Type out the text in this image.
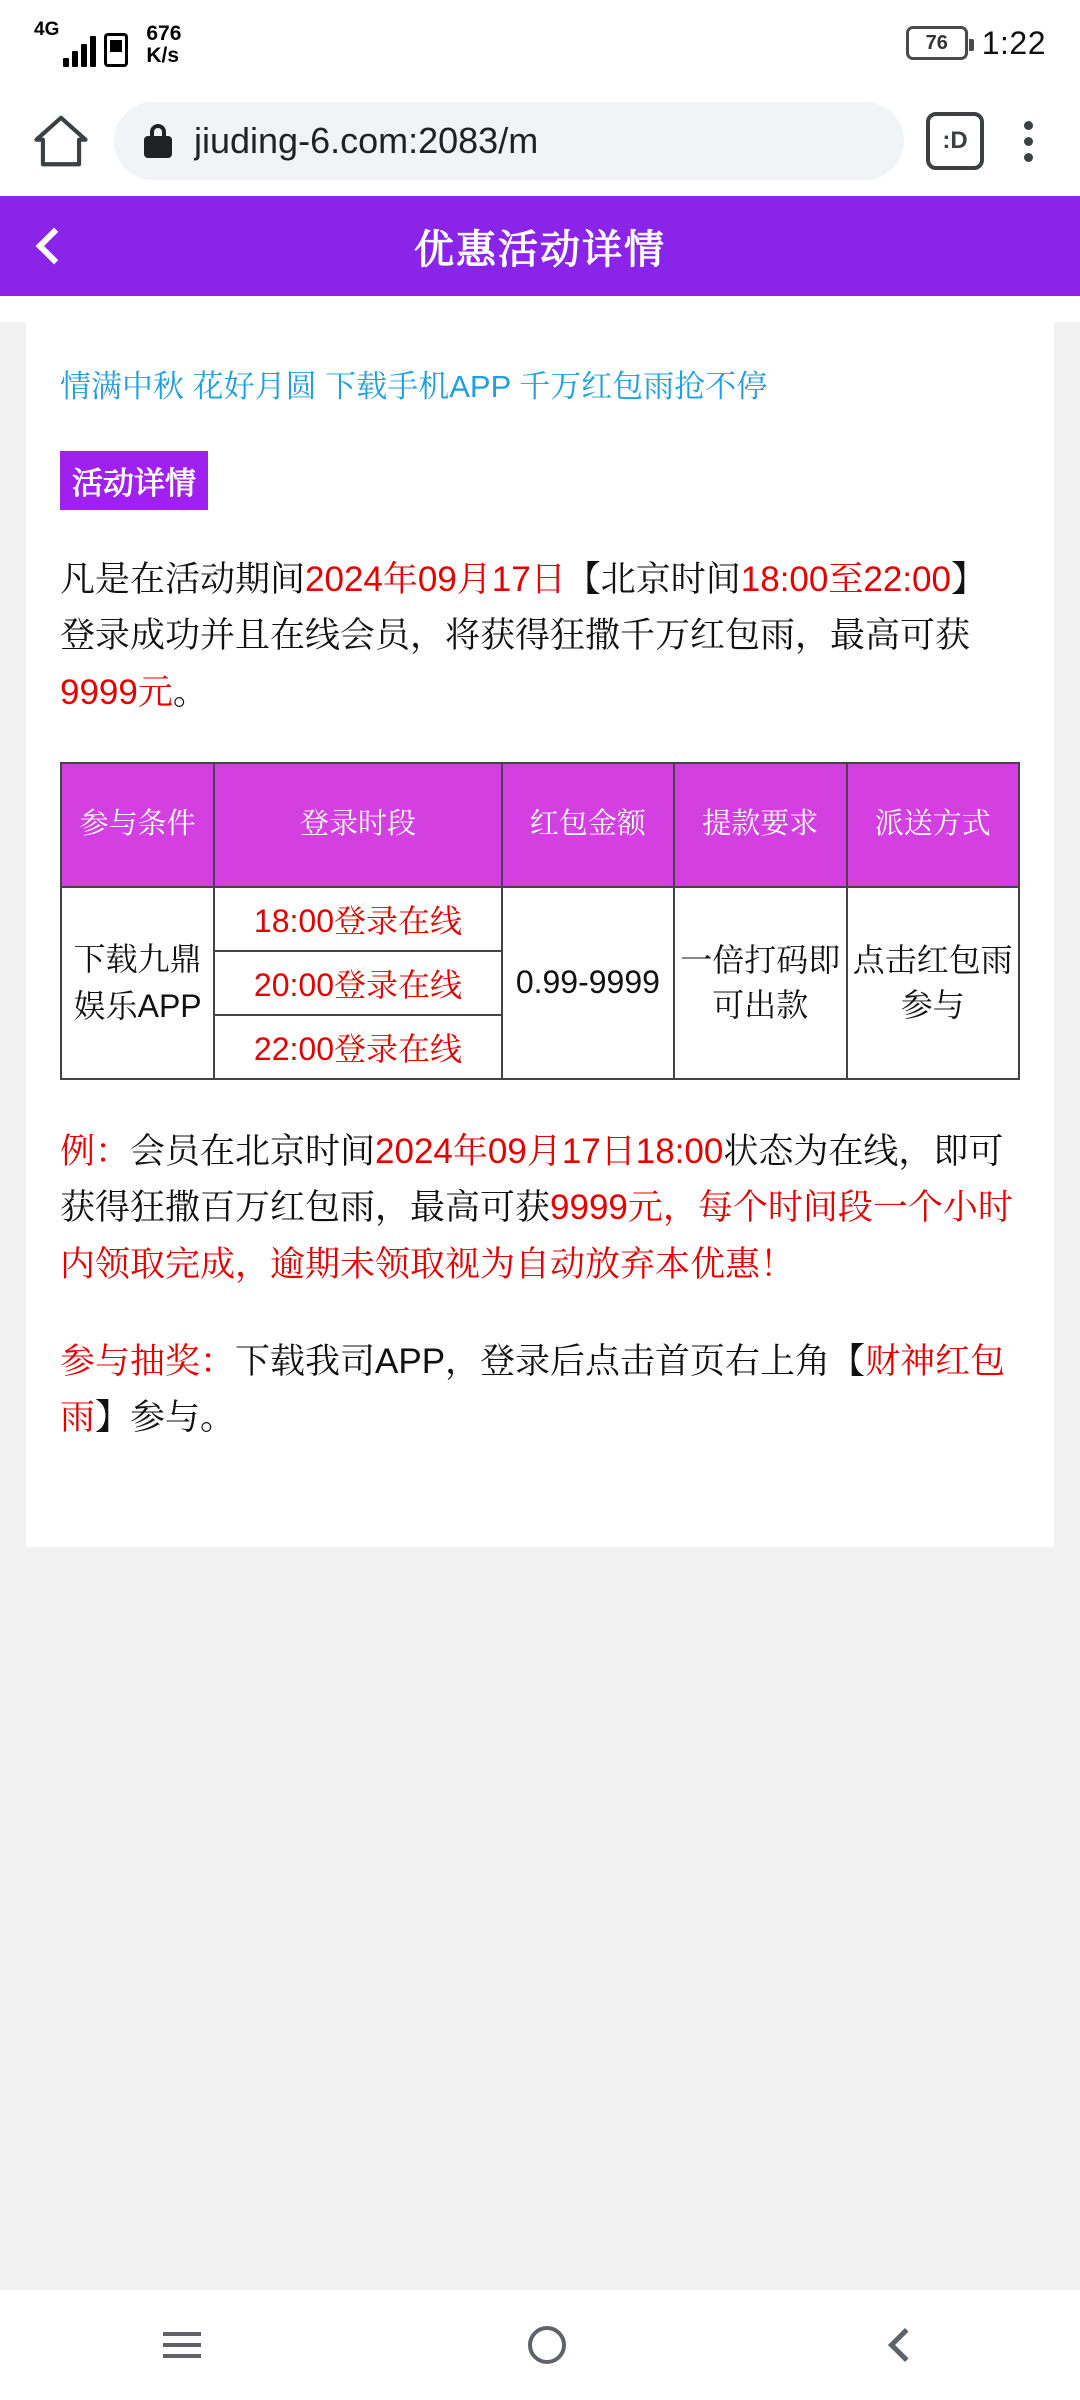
4G	676
K/s
76 1:22
jiuding-6.com:2083/m	:D
优惠活动详情
情满中秋 花好月圆 下载手机APP 千万红包雨抢不停
活动详情
凡是在活动期间2024年09月17日【北京时间18:00至22:00】登录成功并且在线会员，将获得狂撒千万红包雨，最高可获9999元。
参与条件	登录时段	红包金额	提款要求	派送方式
下载九鼎娱乐APP	18:00登录在线	0.99-9999	一倍打码即可出款	点击红包雨参与
	20:00登录在线			
	22:00登录在线			
例：会员在北京时间2024年09月17日18:00状态为在线，即可获得狂撒百万红包雨，最高可获9999元，每个时间段一个小时内领取完成，逾期未领取视为自动放弃本优惠！
参与抽奖：下载我司APP，登录后点击首页右上角【财神红包雨】参与。
